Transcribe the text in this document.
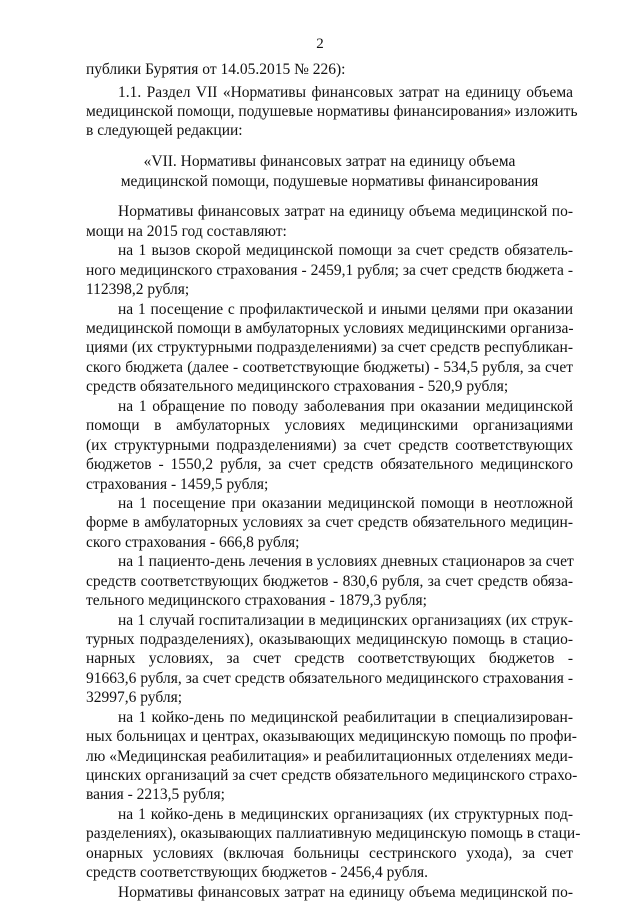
2
публики Бурятия от 14.05.2015 № 226):
1.1. Раздел VII «Нормативы финансовых затрат на единицу объема
медицинской помощи, подушевые нормативы финансирования» изложить
в следующей редакции:
«VII. Нормативы финансовых затрат на единицу объема
медицинской помощи, подушевые нормативы финансирования
Нормативы финансовых затрат на единицу объема медицинской по-
мощи на 2015 год составляют:
на 1 вызов скорой медицинской помощи за счет средств обязатель-
ного медицинского страхования - 2459,1 рубля; за счет средств бюджета -
112398,2 рубля;
на 1 посещение с профилактической и иными целями при оказании
медицинской помощи в амбулаторных условиях медицинскими организа-
циями (их структурными подразделениями) за счет средств республикан-
ского бюджета (далее - соответствующие бюджеты) - 534,5 рубля, за счет
средств обязательного медицинского страхования - 520,9 рубля;
на 1 обращение по поводу заболевания при оказании медицинской
помощи в амбулаторных условиях медицинскими организациями
(их структурными подразделениями) за счет средств соответствующих
бюджетов - 1550,2 рубля, за счет средств обязательного медицинского
страхования - 1459,5 рубля;
на 1 посещение при оказании медицинской помощи в неотложной
форме в амбулаторных условиях за счет средств обязательного медицин-
ского страхования - 666,8 рубля;
на 1 пациенто-день лечения в условиях дневных стационаров за счет
средств соответствующих бюджетов - 830,6 рубля, за счет средств обяза-
тельного медицинского страхования - 1879,3 рубля;
на 1 случай госпитализации в медицинских организациях (их струк-
турных подразделениях), оказывающих медицинскую помощь в стацио-
нарных условиях, за счет средств соответствующих бюджетов -
91663,6 рубля, за счет средств обязательного медицинского страхования -
32997,6 рубля;
на 1 койко-день по медицинской реабилитации в специализирован-
ных больницах и центрах, оказывающих медицинскую помощь по профи-
лю «Медицинская реабилитация» и реабилитационных отделениях меди-
цинских организаций за счет средств обязательного медицинского страхо-
вания - 2213,5 рубля;
на 1 койко-день в медицинских организациях (их структурных под-
разделениях), оказывающих паллиативную медицинскую помощь в стаци-
онарных условиях (включая больницы сестринского ухода), за счет
средств соответствующих бюджетов - 2456,4 рубля.
Нормативы финансовых затрат на единицу объема медицинской по-
